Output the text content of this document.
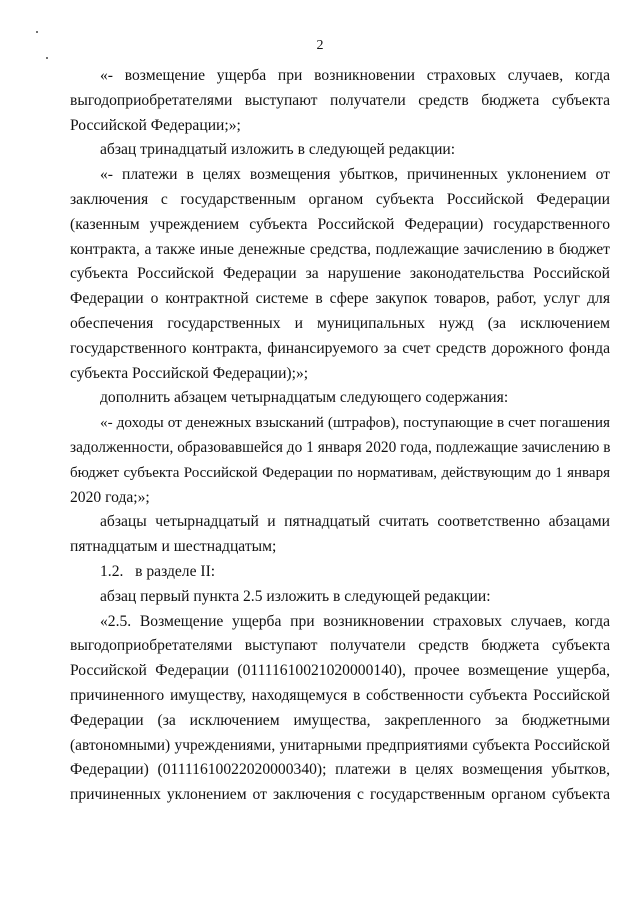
2
«- возмещение ущерба при возникновении страховых случаев, когда
выгодоприобретателями выступают получатели средств бюджета субъекта
Российской Федерации;»;
абзац тринадцатый изложить в следующей редакции:
«- платежи в целях возмещения убытков, причиненных уклонением от
заключения с государственным органом субъекта Российской Федерации
(казенным учреждением субъекта Российской Федерации) государственного
контракта, а также иные денежные средства, подлежащие зачислению в бюджет
субъекта Российской Федерации за нарушение законодательства Российской
Федерации о контрактной системе в сфере закупок товаров, работ, услуг для
обеспечения государственных и муниципальных нужд (за исключением
государственного контракта, финансируемого за счет средств дорожного фонда
субъекта Российской Федерации);»;
дополнить абзацем четырнадцатым следующего содержания:
«- доходы от денежных взысканий (штрафов), поступающие в счет погашения
задолженности, образовавшейся до 1 января 2020 года, подлежащие зачислению в
бюджет субъекта Российской Федерации по нормативам, действующим до 1 января
2020 года;»;
абзацы четырнадцатый и пятнадцатый считать соответственно абзацами
пятнадцатым и шестнадцатым;
1.2.   в разделе II:
абзац первый пункта 2.5 изложить в следующей редакции:
«2.5. Возмещение ущерба при возникновении страховых случаев, когда
выгодоприобретателями выступают получатели средств бюджета субъекта
Российской Федерации (01111610021020000140), прочее возмещение ущерба,
причиненного имуществу, находящемуся в собственности субъекта Российской
Федерации (за исключением имущества, закрепленного за бюджетными
(автономными) учреждениями, унитарными предприятиями субъекта Российской
Федерации) (01111610022020000340); платежи в целях возмещения убытков,
причиненных уклонением от заключения с государственным органом субъекта
